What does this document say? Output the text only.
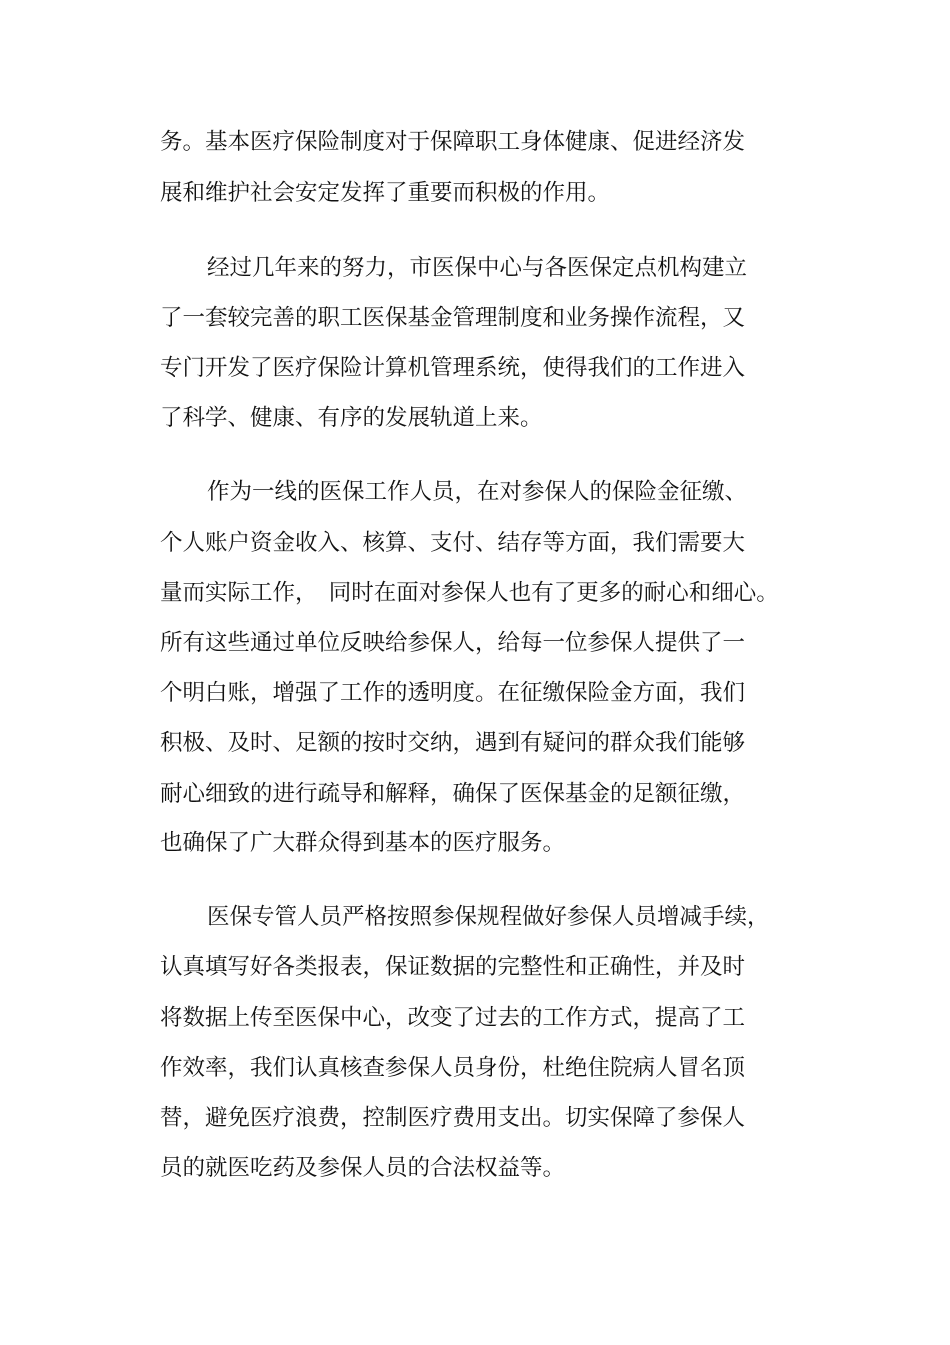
务。基本医疗保险制度对于保障职工身体健康、促进经济发

展和维护社会安定发挥了重要而积极的作用。

经过几年来的努力，市医保中心与各医保定点机构建立

了一套较完善的职工医保基金管理制度和业务操作流程，又

专门开发了医疗保险计算机管理系统，使得我们的工作进入

了科学、健康、有序的发展轨道上来。

作为一线的医保工作人员，在对参保人的保险金征缴、

个人账户资金收入、核算、支付、结存等方面，我们需要大

量而实际工作，　同时在面对参保人也有了更多的耐心和细心。

所有这些通过单位反映给参保人，给每一位参保人提供了一

个明白账，增强了工作的透明度。在征缴保险金方面，我们

积极、及时、足额的按时交纳，遇到有疑问的群众我们能够

耐心细致的进行疏导和解释，确保了医保基金的足额征缴，

也确保了广大群众得到基本的医疗服务。

医保专管人员严格按照参保规程做好参保人员增减手续，

认真填写好各类报表，保证数据的完整性和正确性，并及时

将数据上传至医保中心，改变了过去的工作方式，提高了工

作效率，我们认真核查参保人员身份，杜绝住院病人冒名顶

替，避免医疗浪费，控制医疗费用支出。切实保障了参保人

员的就医吃药及参保人员的合法权益等。
